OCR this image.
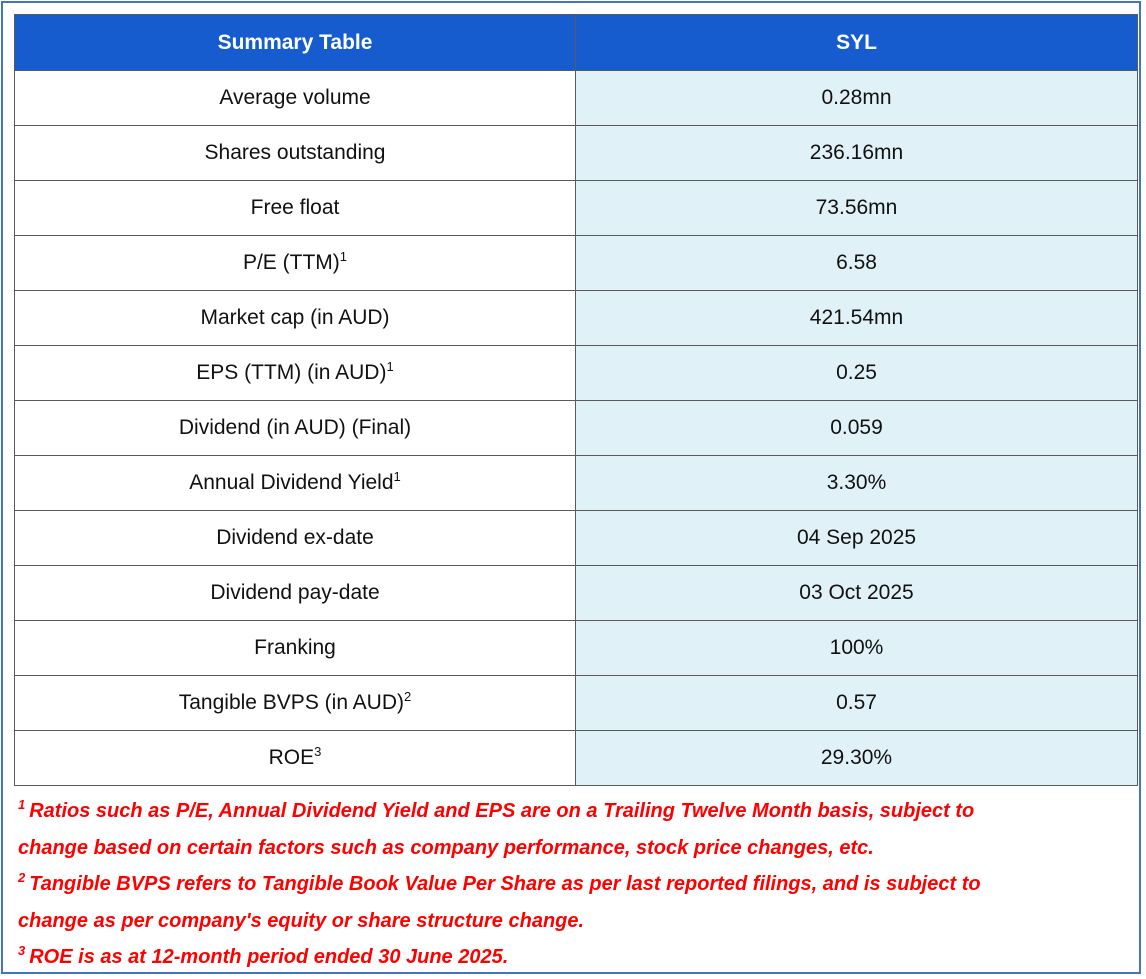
Summary Table	SYL
Average volume	0.28mn
Shares outstanding	236.16mn
Free float	73.56mn
P/E (TTM)$^1$	6.58
Market cap (in AUD)	421.54mn
EPS (TTM) (in AUD)$^1$	0.25
Dividend (in AUD) (Final)	0.059
Annual Dividend Yield$^1$	3.30%
Dividend ex-date	04 Sep 2025
Dividend pay-date	03 Oct 2025
Franking	100%
Tangible BVPS (in AUD)$^2$	0.57
ROE$^3$	29.30%

$^1$ Ratios such as P/E, Annual Dividend Yield and EPS are on a Trailing Twelve Month basis, subject to

change based on certain factors such as company performance, stock price changes, etc.

$^2$ Tangible BVPS refers to Tangible Book Value Per Share as per last reported filings, and is subject to

change as per company's equity or share structure change.

$^3$ ROE is as at 12-month period ended 30 June 2025.
